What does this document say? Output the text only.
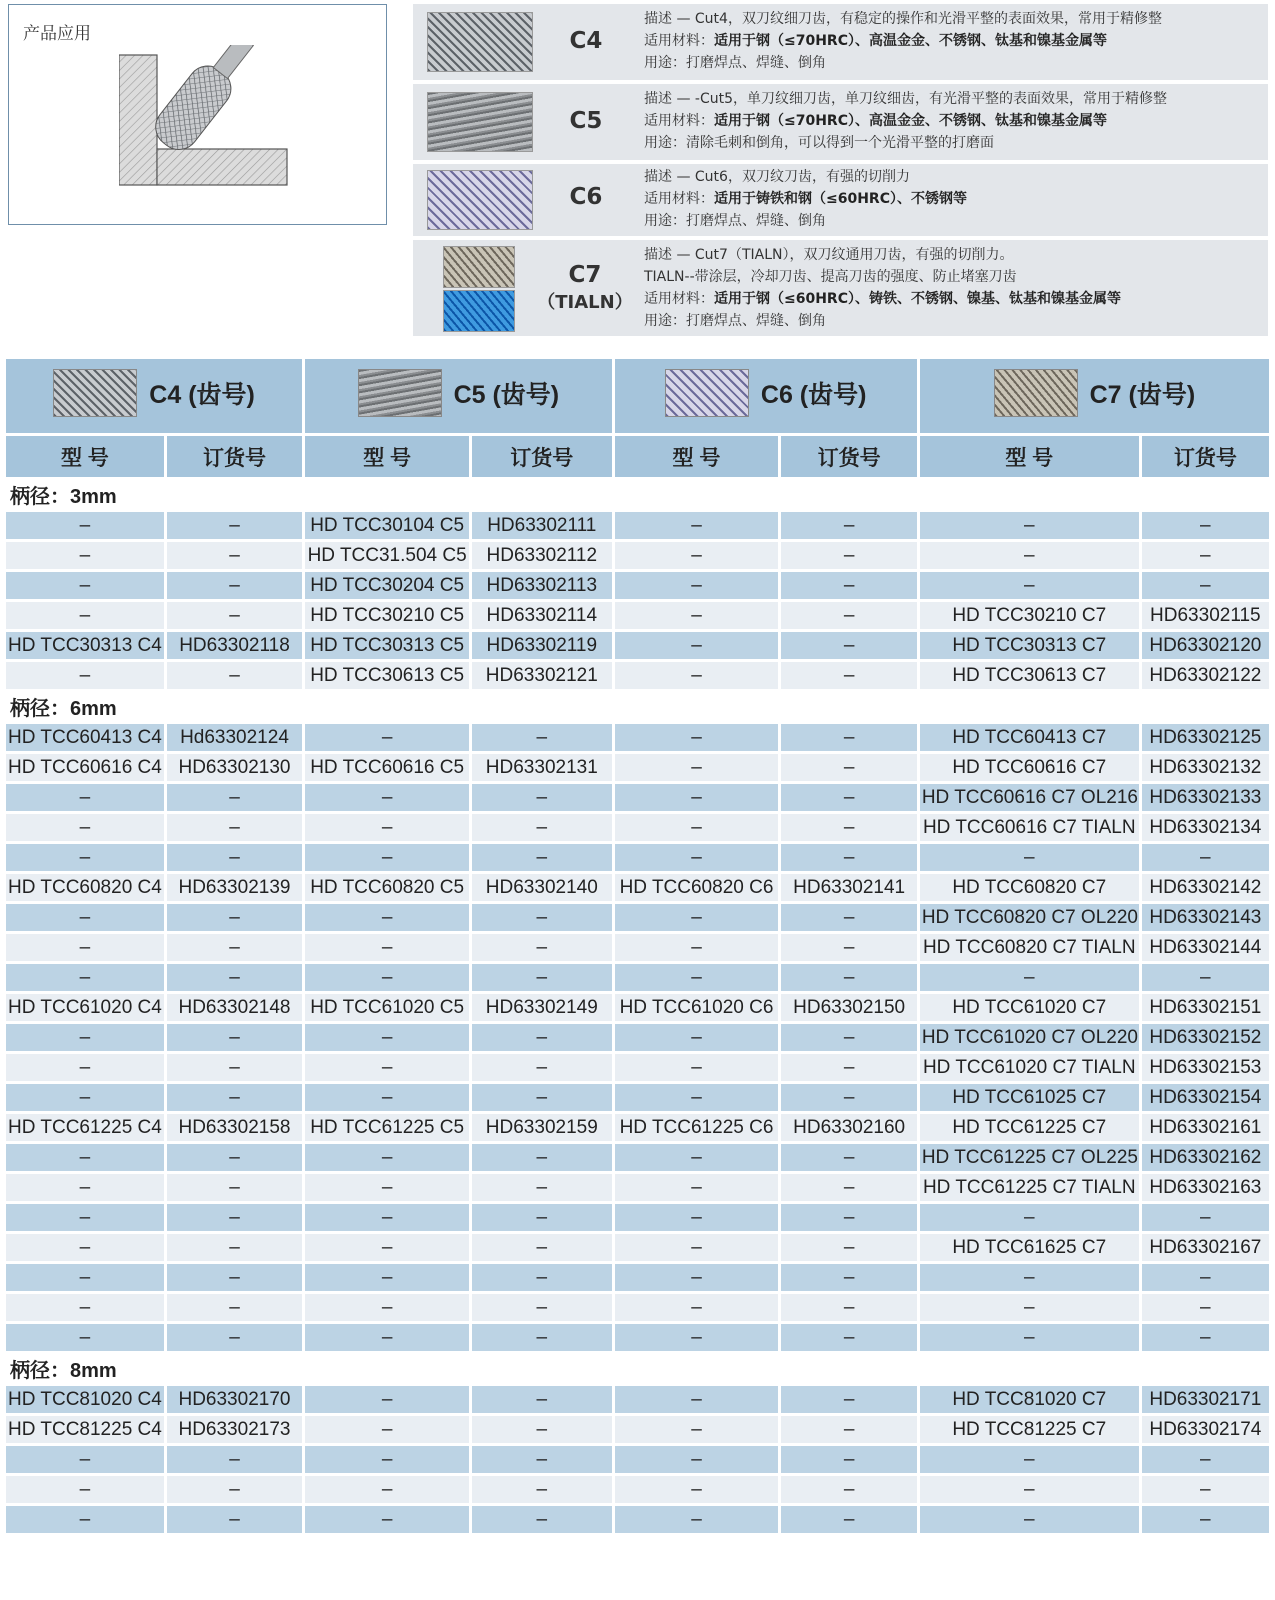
产品应用	C4
描述 — Cut4，双刀纹细刀齿，有稳定的操作和光滑平整的表面效果，常用于精修整
适用材料：适用于钢（≤70HRC）、高温金金、不锈钢、钛基和镍基金属等
用途：打磨焊点、焊缝、倒角
C5
描述 — -Cut5，单刀纹细刀齿，单刀纹细齿，有光滑平整的表面效果，常用于精修整
适用材料：适用于钢（≤70HRC）、高温金金、不锈钢、钛基和镍基金属等
用途：清除毛刺和倒角，可以得到一个光滑平整的打磨面
C6
描述 — Cut6，双刀纹刀齿，有强的切削力
适用材料：适用于铸铁和钢（≤60HRC）、不锈钢等
用途：打磨焊点、焊缝、倒角
C7
（TIALN）
描述 — Cut7（TIALN），双刀纹通用刀齿，有强的切削力。
TIALN--带涂层，冷却刀齿、提高刀齿的强度、防止堵塞刀齿
适用材料：适用于钢（≤60HRC）、铸铁、不锈钢、镍基、钛基和镍基金属等
用途：打磨焊点、焊缝、倒角
C4 (齿号)		C5 (齿号)		C6 (齿号)		C7 (齿号)	

型 号	订货号	型 号	订货号	型 号	订货号	型 号	订货号
柄径：3mm							
–	–	HD TCC30104 C5	HD63302111	–	–	–	–
–	–	HD TCC31.504 C5	HD63302112	–	–	–	–
–	–	HD TCC30204 C5	HD63302113	–	–	–	–
–	–	HD TCC30210 C5	HD63302114	–	–	HD TCC30210 C7	HD63302115
HD TCC30313 C4	HD63302118	HD TCC30313 C5	HD63302119	–	–	HD TCC30313 C7	HD63302120
–	–	HD TCC30613 C5	HD63302121	–	–	HD TCC30613 C7	HD63302122
柄径：6mm							
HD TCC60413 C4	Hd63302124	–	–	–	–	HD TCC60413 C7	HD63302125
HD TCC60616 C4	HD63302130	HD TCC60616 C5	HD63302131	–	–	HD TCC60616 C7	HD63302132
–	–	–	–	–	–	HD TCC60616 C7 OL216	HD63302133
–	–	–	–	–	–	HD TCC60616 C7 TIALN	HD63302134
–	–	–	–	–	–	–	–
HD TCC60820 C4	HD63302139	HD TCC60820 C5	HD63302140	HD TCC60820 C6	HD63302141	HD TCC60820 C7	HD63302142
–	–	–	–	–	–	HD TCC60820 C7 OL220	HD63302143
–	–	–	–	–	–	HD TCC60820 C7 TIALN	HD63302144
–	–	–	–	–	–	–	–
HD TCC61020 C4	HD63302148	HD TCC61020 C5	HD63302149	HD TCC61020 C6	HD63302150	HD TCC61020 C7	HD63302151
–	–	–	–	–	–	HD TCC61020 C7 OL220	HD63302152
–	–	–	–	–	–	HD TCC61020 C7 TIALN	HD63302153
–	–	–	–	–	–	HD TCC61025 C7	HD63302154
HD TCC61225 C4	HD63302158	HD TCC61225 C5	HD63302159	HD TCC61225 C6	HD63302160	HD TCC61225 C7	HD63302161
–	–	–	–	–	–	HD TCC61225 C7 OL225	HD63302162
–	–	–	–	–	–	HD TCC61225 C7 TIALN	HD63302163
–	–	–	–	–	–	–	–
–	–	–	–	–	–	HD TCC61625 C7	HD63302167
–	–	–	–	–	–	–	–
–	–	–	–	–	–	–	–
–	–	–	–	–	–	–	–
柄径：8mm							
HD TCC81020 C4	HD63302170	–	–	–	–	HD TCC81020 C7	HD63302171
HD TCC81225 C4	HD63302173	–	–	–	–	HD TCC81225 C7	HD63302174
–	–	–	–	–	–	–	–
–	–	–	–	–	–	–	–
–	–	–	–	–	–	–	–
